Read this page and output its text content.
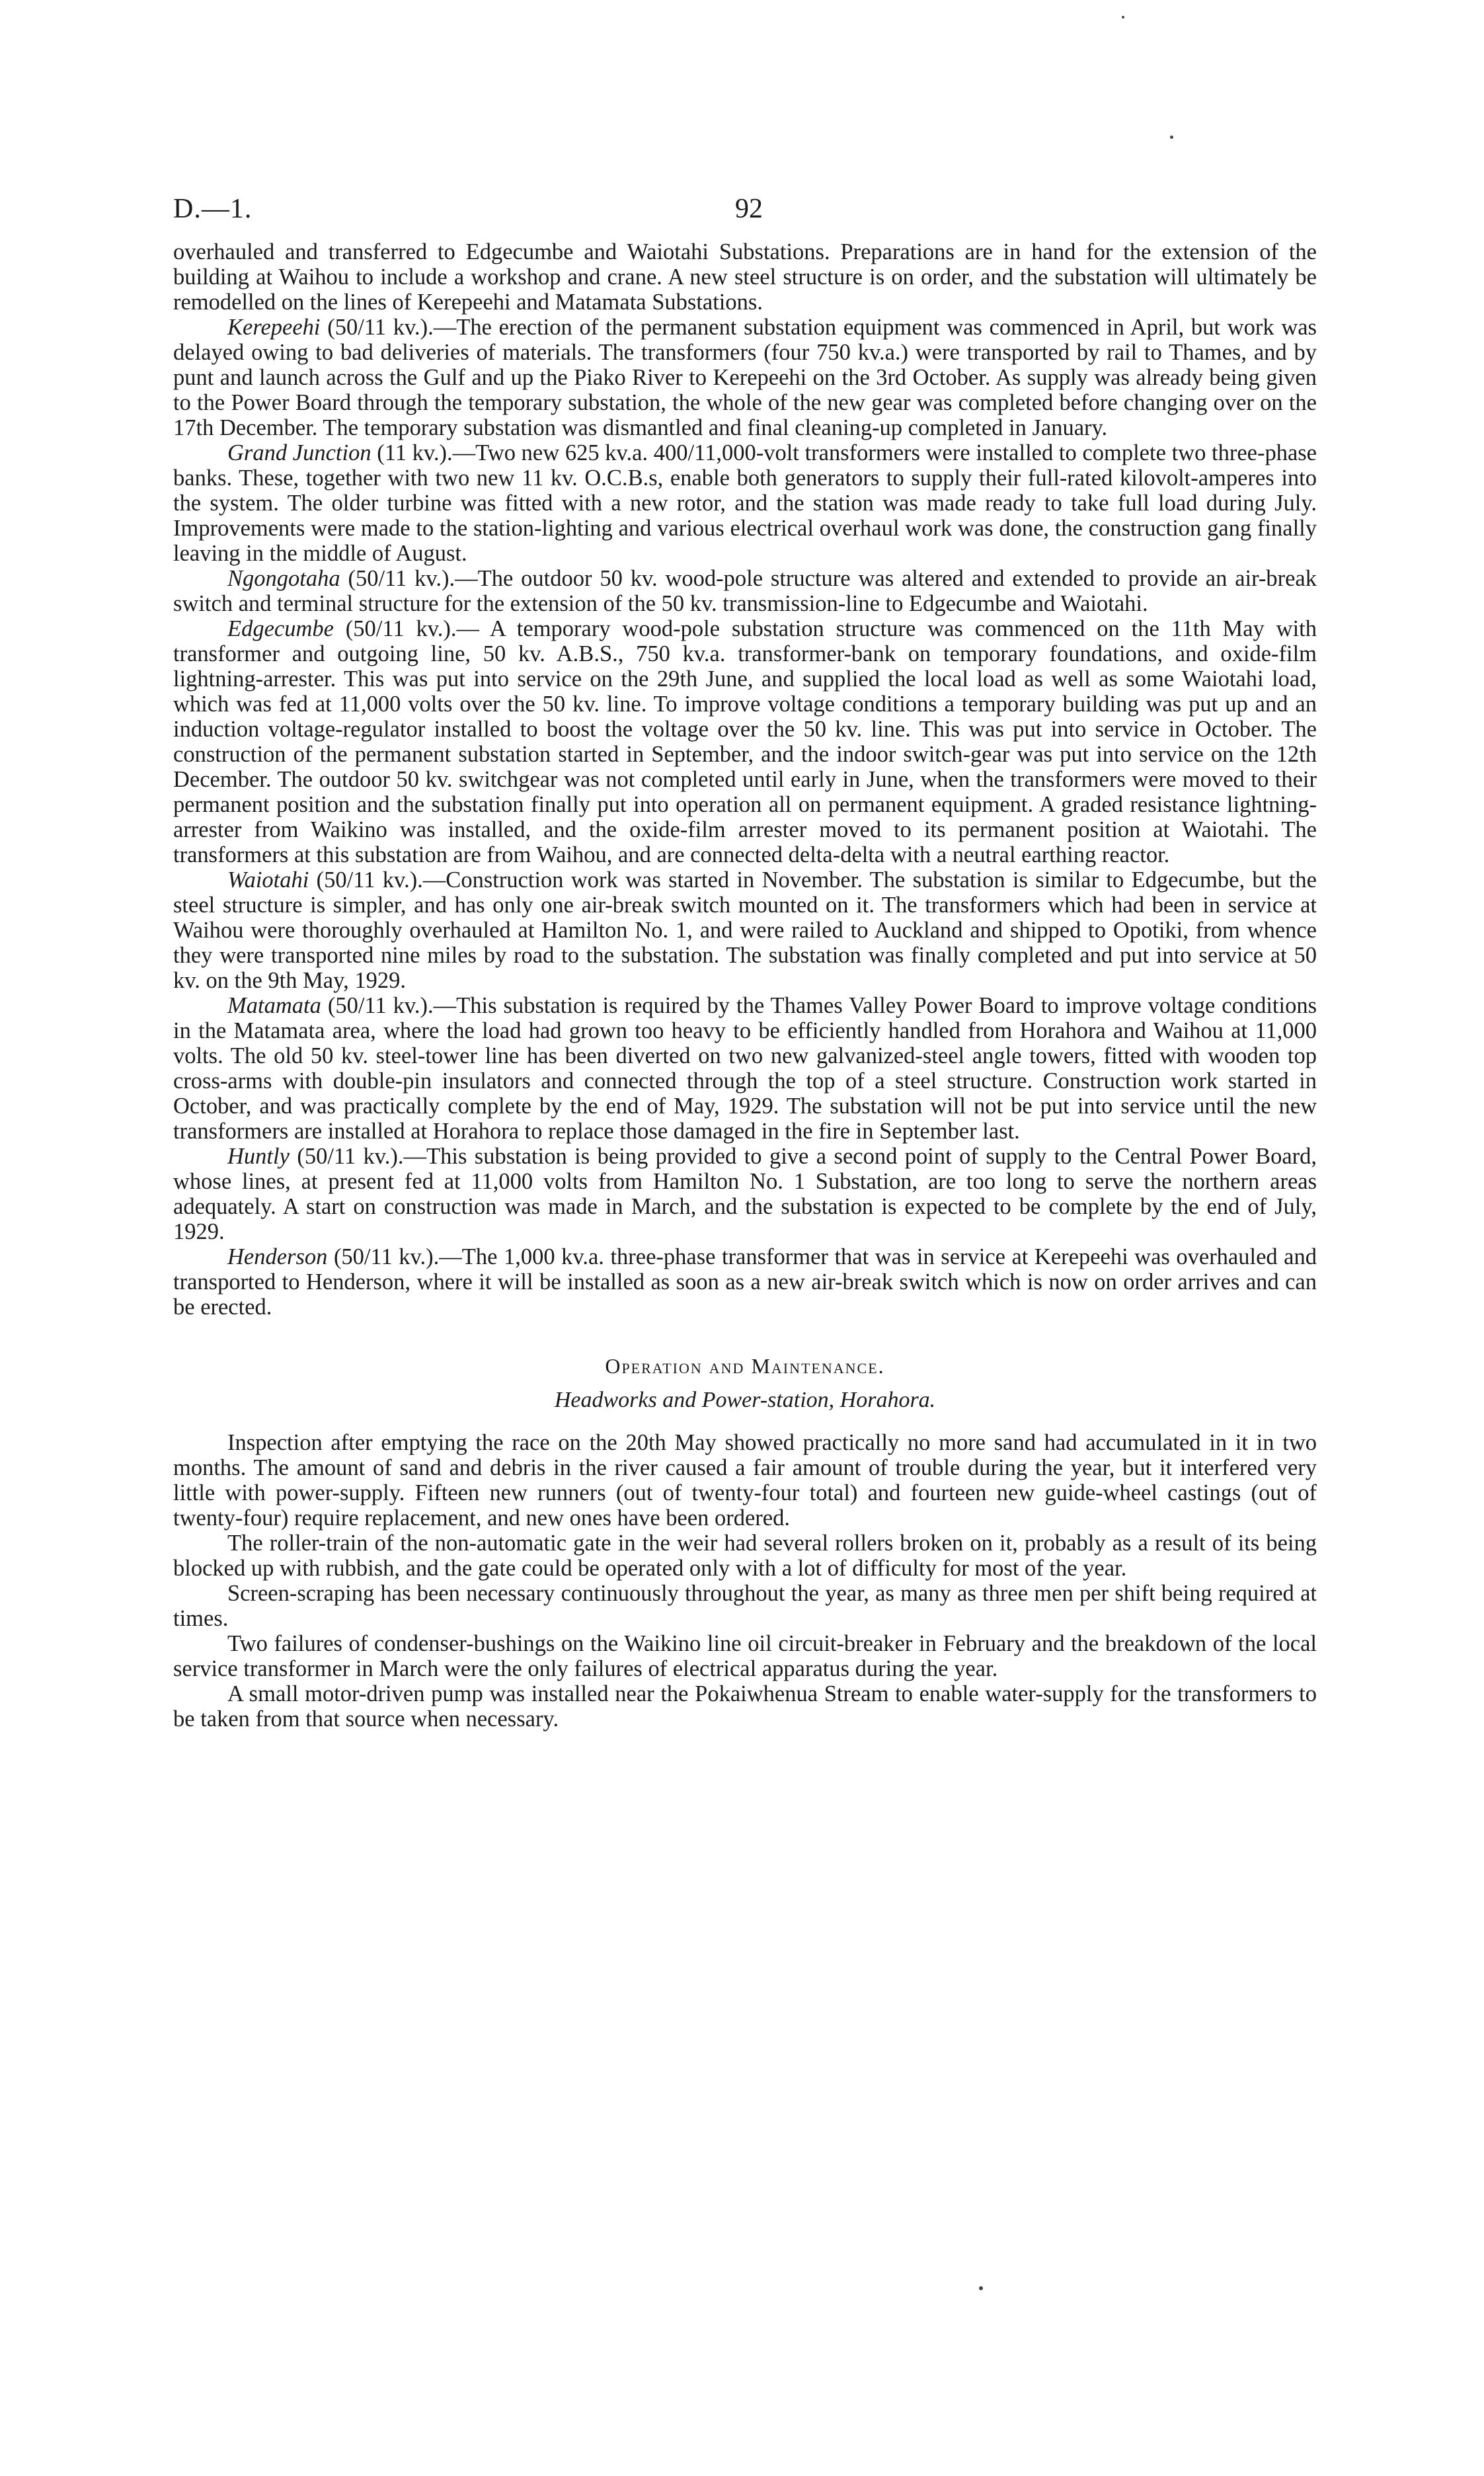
D.—1.	92

overhauled and transferred to Edgecumbe and Waiotahi Substations. Preparations are in hand for the extension of the building at Waihou to include a workshop and crane. A new steel structure is on order, and the substation will ultimately be remodelled on the lines of Kerepeehi and Matamata Substations.

Kerepeehi (50/11 kv.).—The erection of the permanent substation equipment was commenced in April, but work was delayed owing to bad deliveries of materials. The transformers (four 750 kv.a.) were transported by rail to Thames, and by punt and launch across the Gulf and up the Piako River to Kerepeehi on the 3rd October. As supply was already being given to the Power Board through the temporary substation, the whole of the new gear was completed before changing over on the 17th December. The temporary substation was dismantled and final cleaning-up completed in January.

Grand Junction (11 kv.).—Two new 625 kv.a. 400/11,000-volt transformers were installed to complete two three-phase banks. These, together with two new 11 kv. O.C.B.s, enable both generators to supply their full-rated kilovolt-amperes into the system. The older turbine was fitted with a new rotor, and the station was made ready to take full load during July. Improvements were made to the station-lighting and various electrical overhaul work was done, the construction gang finally leaving in the middle of August.

Ngongotaha (50/11 kv.).—The outdoor 50 kv. wood-pole structure was altered and extended to provide an air-break switch and terminal structure for the extension of the 50 kv. transmission-line to Edgecumbe and Waiotahi.

Edgecumbe (50/11 kv.).— A temporary wood-pole substation structure was commenced on the 11th May with transformer and outgoing line, 50 kv. A.B.S., 750 kv.a. transformer-bank on temporary foundations, and oxide-film lightning-arrester. This was put into service on the 29th June, and supplied the local load as well as some Waiotahi load, which was fed at 11,000 volts over the 50 kv. line. To improve voltage conditions a temporary building was put up and an induction voltage-regulator installed to boost the voltage over the 50 kv. line. This was put into service in October. The construction of the permanent substation started in September, and the indoor switch-gear was put into service on the 12th December. The outdoor 50 kv. switchgear was not completed until early in June, when the transformers were moved to their permanent position and the substation finally put into operation all on permanent equipment. A graded resistance lightning-arrester from Waikino was installed, and the oxide-film arrester moved to its permanent position at Waiotahi. The transformers at this substation are from Waihou, and are connected delta-delta with a neutral earthing reactor.

Waiotahi (50/11 kv.).—Construction work was started in November. The substation is similar to Edgecumbe, but the steel structure is simpler, and has only one air-break switch mounted on it. The transformers which had been in service at Waihou were thoroughly overhauled at Hamilton No. 1, and were railed to Auckland and shipped to Opotiki, from whence they were transported nine miles by road to the substation. The substation was finally completed and put into service at 50 kv. on the 9th May, 1929.

Matamata (50/11 kv.).—This substation is required by the Thames Valley Power Board to improve voltage conditions in the Matamata area, where the load had grown too heavy to be efficiently handled from Horahora and Waihou at 11,000 volts. The old 50 kv. steel-tower line has been diverted on two new galvanized-steel angle towers, fitted with wooden top cross-arms with double-pin insulators and connected through the top of a steel structure. Construction work started in October, and was practically complete by the end of May, 1929. The substation will not be put into service until the new transformers are installed at Horahora to replace those damaged in the fire in September last.

Huntly (50/11 kv.).—This substation is being provided to give a second point of supply to the Central Power Board, whose lines, at present fed at 11,000 volts from Hamilton No. 1 Substation, are too long to serve the northern areas adequately. A start on construction was made in March, and the substation is expected to be complete by the end of July, 1929.

Henderson (50/11 kv.).—The 1,000 kv.a. three-phase transformer that was in service at Kerepeehi was overhauled and transported to Henderson, where it will be installed as soon as a new air-break switch which is now on order arrives and can be erected.

Operation and Maintenance.
Headworks and Power-station, Horahora.

Inspection after emptying the race on the 20th May showed practically no more sand had accumulated in it in two months. The amount of sand and debris in the river caused a fair amount of trouble during the year, but it interfered very little with power-supply. Fifteen new runners (out of twenty-four total) and fourteen new guide-wheel castings (out of twenty-four) require replacement, and new ones have been ordered.

The roller-train of the non-automatic gate in the weir had several rollers broken on it, probably as a result of its being blocked up with rubbish, and the gate could be operated only with a lot of difficulty for most of the year.

Screen-scraping has been necessary continuously throughout the year, as many as three men per shift being required at times.

Two failures of condenser-bushings on the Waikino line oil circuit-breaker in February and the breakdown of the local service transformer in March were the only failures of electrical apparatus during the year.

A small motor-driven pump was installed near the Pokaiwhenua Stream to enable water-supply for the transformers to be taken from that source when necessary.
